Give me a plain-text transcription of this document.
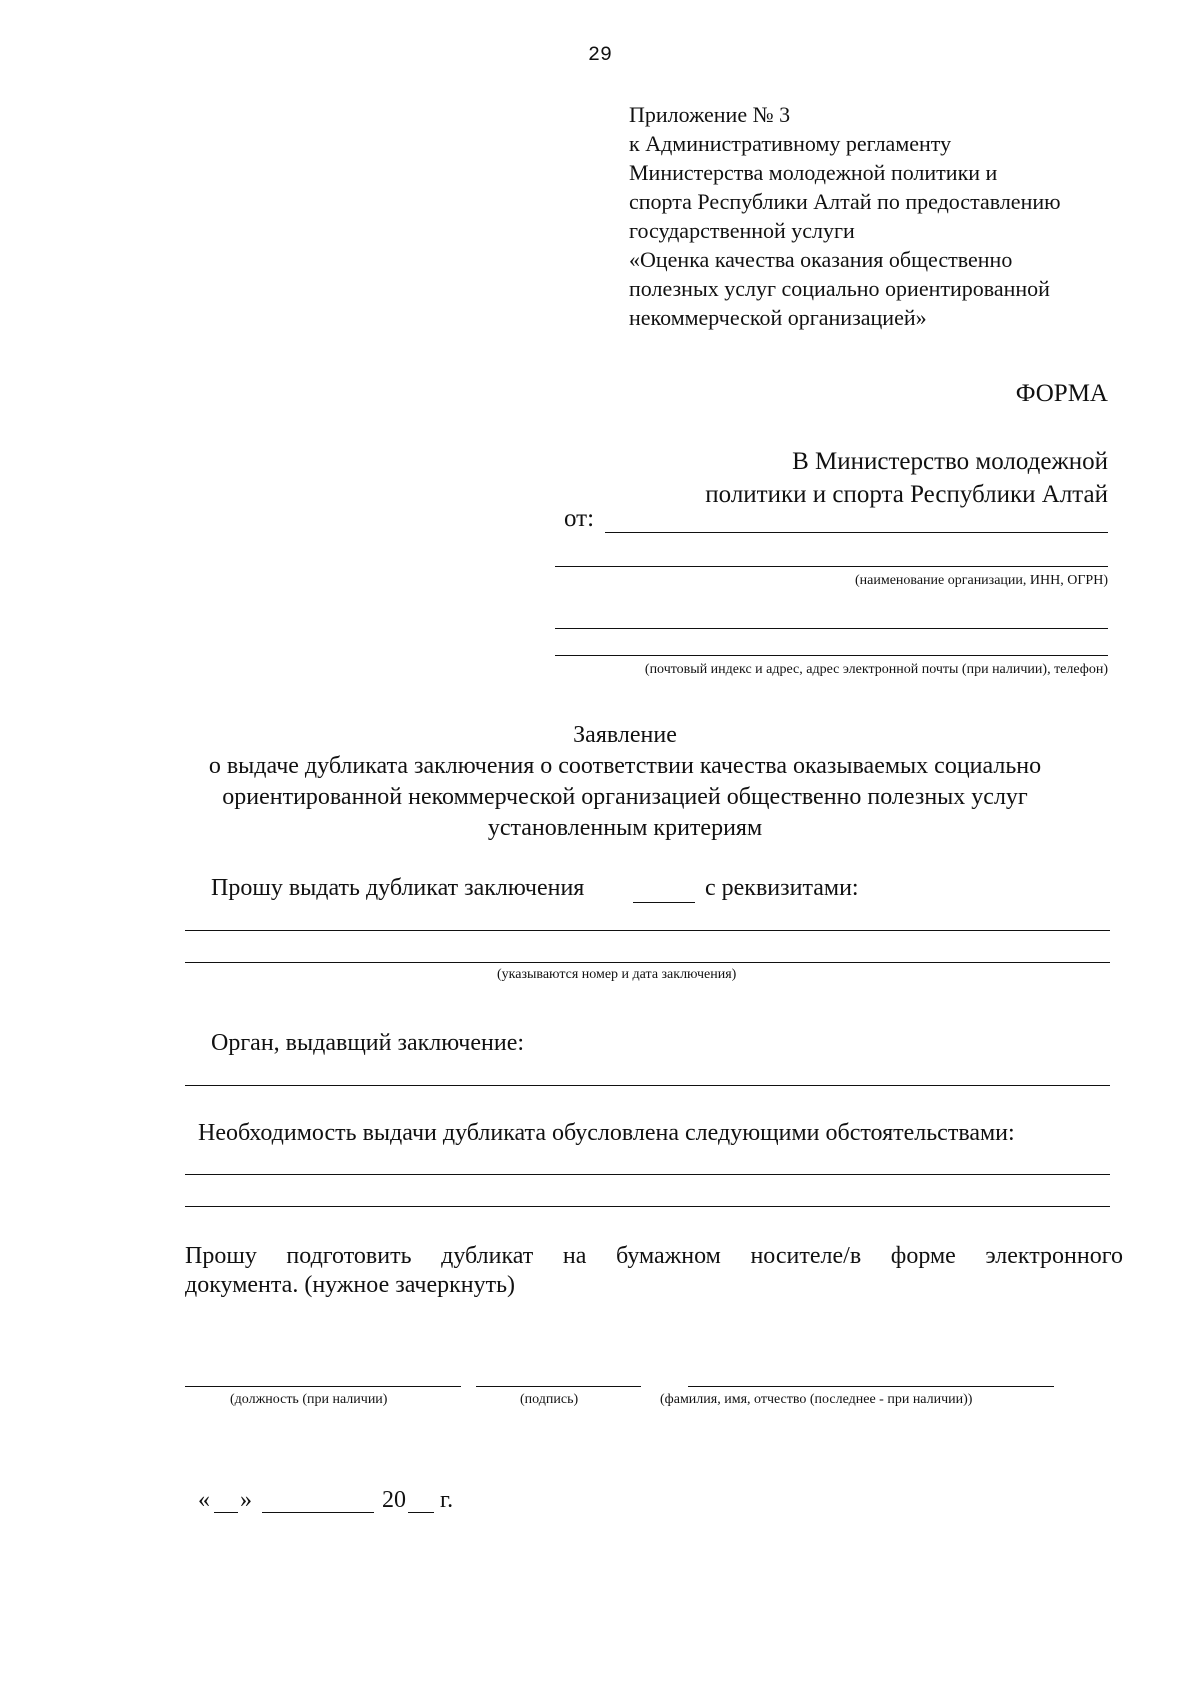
29
Приложение № 3
к Административному регламенту
Министерства молодежной политики и
спорта Республики Алтай по предоставлению
государственной услуги
«Оценка качества оказания общественно
полезных услуг социально ориентированной
некоммерческой организацией»
ФОРМА
В Министерство молодежной
политики и спорта Республики Алтай
от:
(наименование организации, ИНН, ОГРН)
(почтовый индекс и адрес, адрес электронной почты (при наличии), телефон)
Заявление
о выдаче дубликата заключения о соответствии качества оказываемых социально
ориентированной некоммерческой организацией общественно полезных услуг
установленным критериям
Прошу выдать дубликат заключения	с реквизитами:
(указываются номер и дата заключения)
Орган, выдавщий заключение:
Необходимость выдачи дубликата обусловлена следующими обстоятельствами:
Прошу подготовить дубликат на бумажном носителе/в форме электронного
документа. (нужное зачеркнуть)
(должность (при наличии)	(подпись)	(фамилия, имя, отчество (последнее - при наличии))
« »	20 г.
